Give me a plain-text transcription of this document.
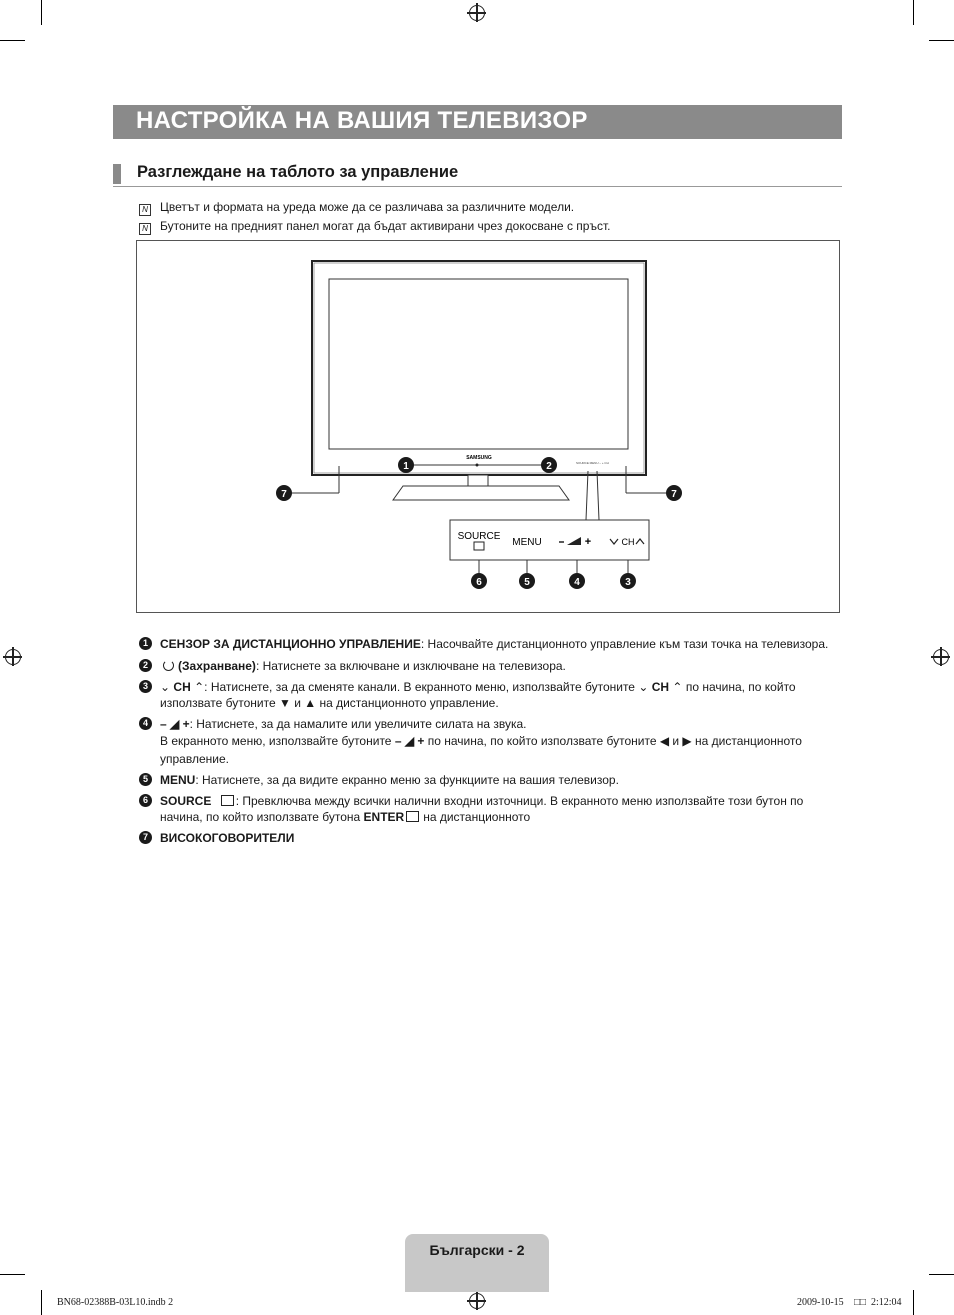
НАСТРОЙКА НА ВАШИЯ ТЕЛЕВИЗОР
Разглеждане на таблото за управление
N Цветът и формата на уреда може да се различава за различните модели.
N Бутоните на предният панел могат да бъдат активирани чрез докосване с пръст.
SAMSUNG
7	7
1	2	SOURCE MENU – + CH
SOURCE
MENU	+	CH
6	5	4	3
1	СЕНЗОР ЗА ДИСТАНЦИОННО УПРАВЛЕНИЕ: Насочвайте дистанционното управление към тази точка на телевизора.
2	(Захранване): Натиснете за включване и изключване на телевизора.
3	⌄ CH ⌃: Натиснете, за да сменяте канали. В екранното меню, използвайте бутоните ⌄ CH ⌃ по начина, по който
използвате бутоните ▼ и ▲ на дистанционното управление.
4	– ◢ +: Натиснете, за да намалите или увеличите силата на звука.
В екранното меню, използвайте бутоните – ◢ + по начина, по който използвате бутоните ◀ и ▶ на дистанционното
управление.
5	MENU: Натиснете, за да видите екранно меню за функциите на вашия телевизор.
6	SOURCE : Превключва между всички налични входни източници. В екранното меню използвайте този бутон по
начина, по който използвате бутона ENTER на дистанционното
7	ВИСОКОГОВОРИТЕЛИ
Български - 2
BN68-02388B-03L10.indb 2	2009-10-15 □□ 2:12:04
